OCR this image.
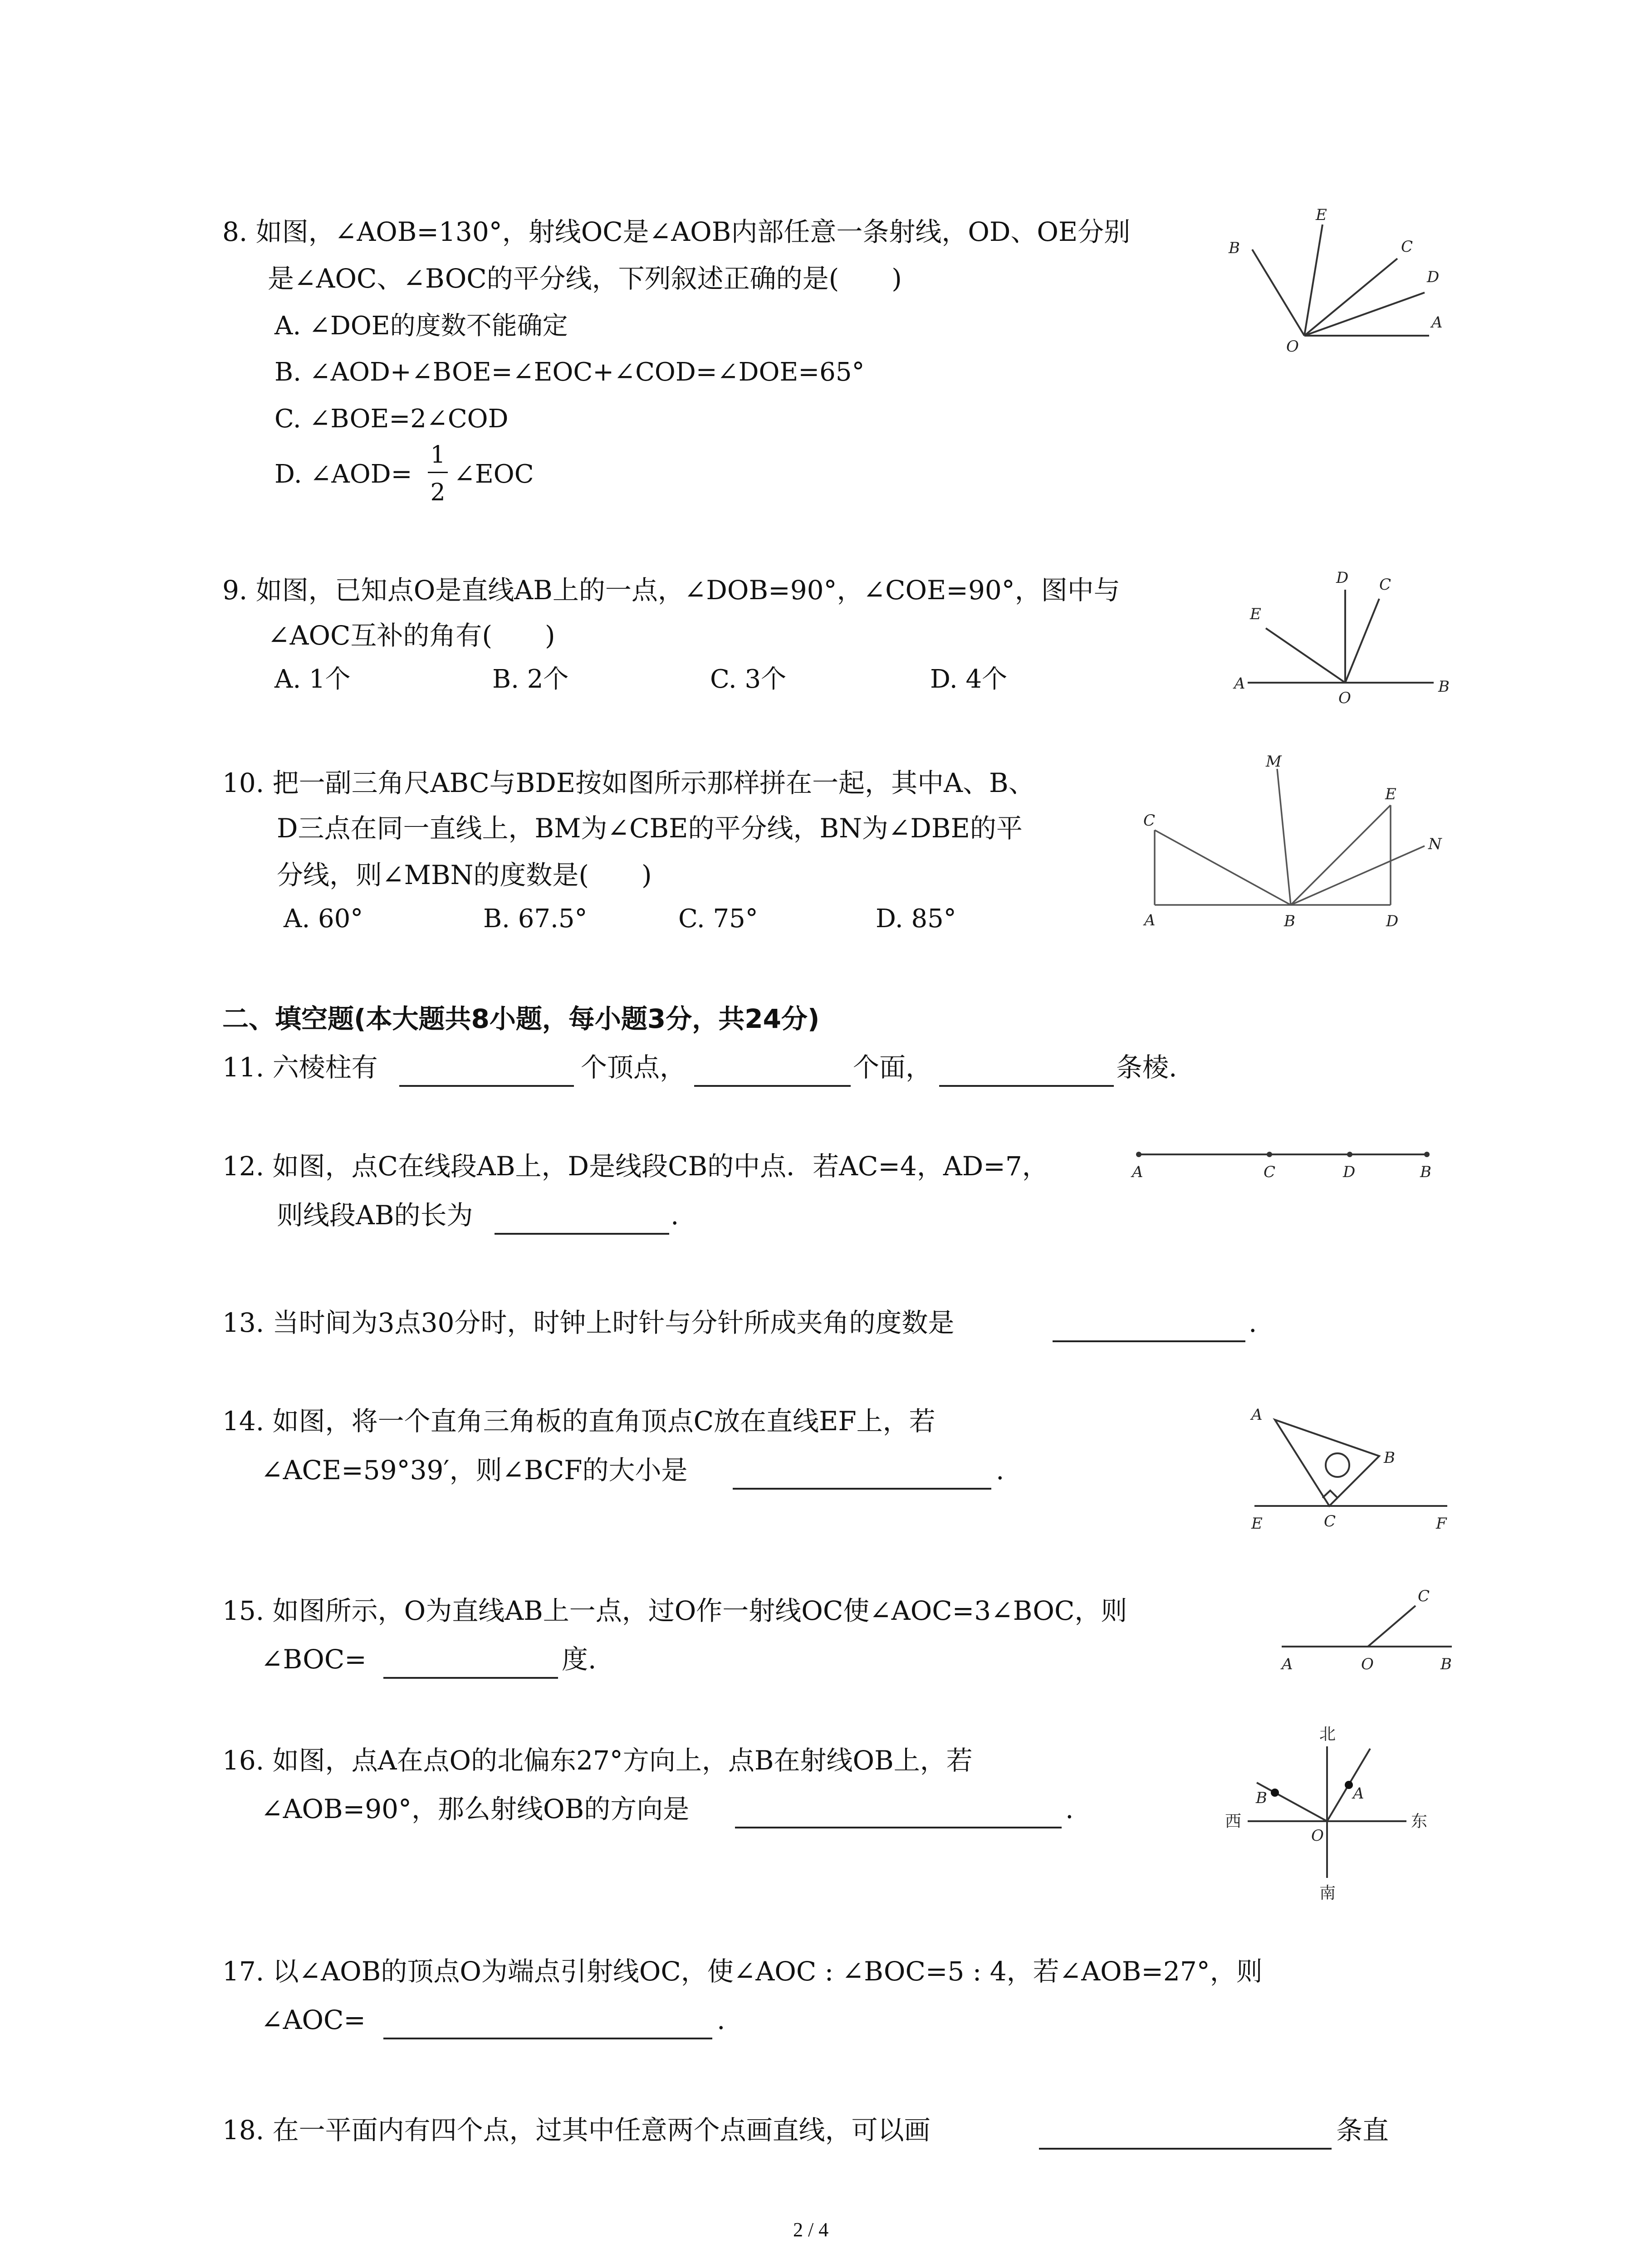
8. 如图，∠AOB=130°，射线OC是∠AOB内部任意一条射线，OD、OE分别
是∠AOC、∠BOC的平分线，下列叙述正确的是(　　)
A. ∠DOE的度数不能确定
B. ∠AOD+∠BOE=∠EOC+∠COD=∠DOE=65°
C. ∠BOE=2∠COD
D. ∠AOD=
1
2
∠EOC
B
E
C
D
A
O
9. 如图，已知点O是直线AB上的一点，∠DOB=90°，∠COE=90°，图中与
∠AOC互补的角有(　　)
A. 1个	B. 2个	C. 3个	D. 4个
D C
E
A
O
B
10. 把一副三角尺ABC与BDE按如图所示那样拼在一起，其中A、B、
D三点在同一直线上，BM为∠CBE的平分线，BN为∠DBE的平
分线，则∠MBN的度数是(　　)
A. 60°	B. 67.5°	C. 75°	D. 85°
M
C
E
N
A	B	D
二、填空题(本大题共8小题，每小题3分，共24分)
11. 六棱柱有	个顶点，	个面，	条棱.
12. 如图，点C在线段AB上，D是线段CB的中点．若AC=4，AD=7，
则线段AB的长为	.
A	C	D	B
13. 当时间为3点30分时，时钟上时针与分针所成夹角的度数是	.
14. 如图，将一个直角三角板的直角顶点C放在直线EF上，若
∠ACE=59°39′，则∠BCF的大小是	.
A
B
E	C	F
15. 如图所示，O为直线AB上一点，过O作一射线OC使∠AOC=3∠BOC，则
∠BOC=	度.
C
A	O	B
16. 如图，点A在点O的北偏东27°方向上，点B在射线OB上，若
∠AOB=90°，那么射线OB的方向是	.
北
南
西	东
A
B
O
17. 以∠AOB的顶点O为端点引射线OC，使∠AOC : ∠BOC=5 : 4，若∠AOB=27°，则
∠AOC=	.
18. 在一平面内有四个点，过其中任意两个点画直线，可以画	条直
2 / 4
